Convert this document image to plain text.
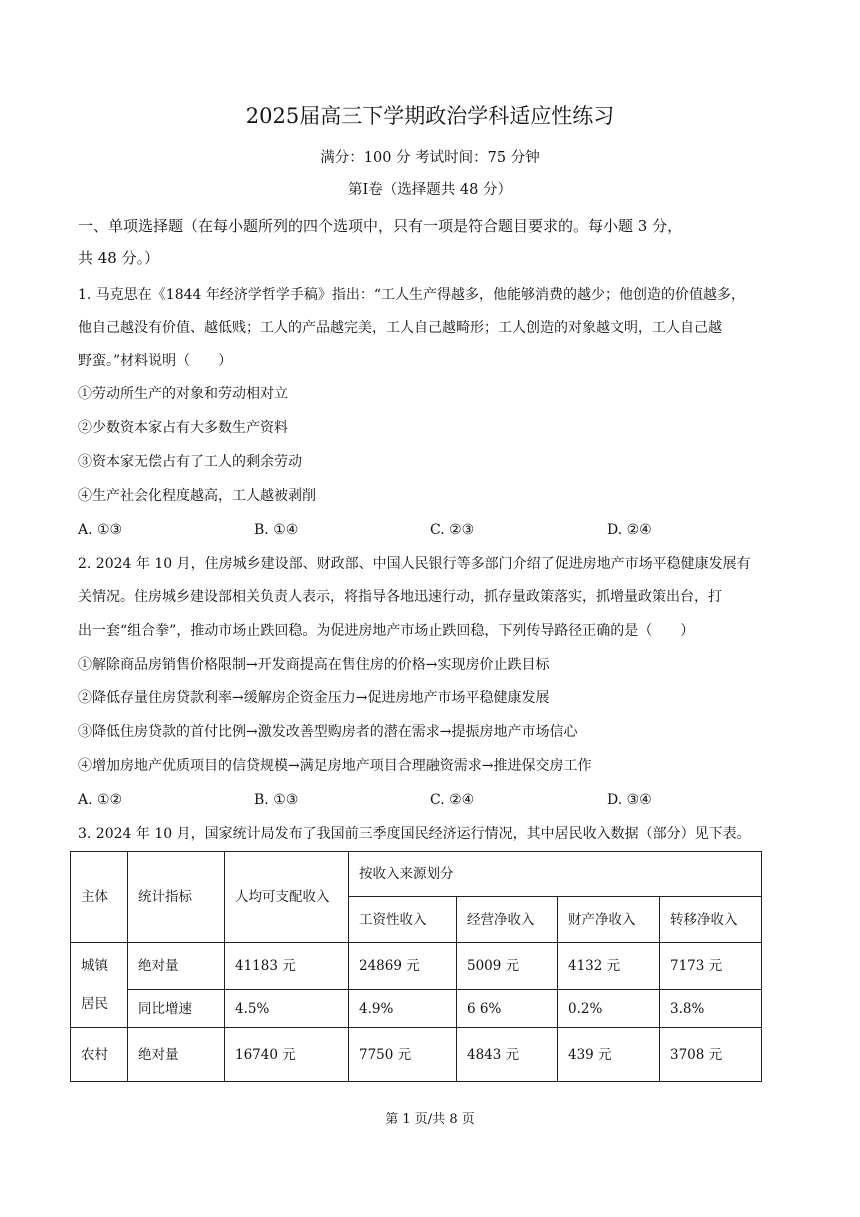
2025届高三下学期政治学科适应性练习
满分：100 分 考试时间：75 分钟
第Ⅰ卷（选择题共 48 分）
一、单项选择题（在每小题所列的四个选项中，只有一项是符合题目要求的。每小题 3 分，
共 48 分。）
1. 马克思在《1844 年经济学哲学手稿》指出：“工人生产得越多，他能够消费的越少；他创造的价值越多，
他自己越没有价值、越低贱；工人的产品越完美，工人自己越畸形；工人创造的对象越文明，工人自己越
野蛮。”材料说明（　　）
①劳动所生产的对象和劳动相对立
②少数资本家占有大多数生产资料
③资本家无偿占有了工人的剩余劳动
④生产社会化程度越高，工人越被剥削
A. ①③	B. ①④	C. ②③	D. ②④
2. 2024 年 10 月，住房城乡建设部、财政部、中国人民银行等多部门介绍了促进房地产市场平稳健康发展有
关情况。住房城乡建设部相关负责人表示，将指导各地迅速行动，抓存量政策落实，抓增量政策出台，打
出一套“组合拳”，推动市场止跌回稳。为促进房地产市场止跌回稳，下列传导路径正确的是（　　）
①解除商品房销售价格限制→开发商提高在售住房的价格→实现房价止跌目标
②降低存量住房贷款利率→缓解房企资金压力→促进房地产市场平稳健康发展
③降低住房贷款的首付比例→激发改善型购房者的潜在需求→提振房地产市场信心
④增加房地产优质项目的信贷规模→满足房地产项目合理融资需求→推进保交房工作
A. ①②	B. ①③	C. ②④	D. ③④
3. 2024 年 10 月，国家统计局发布了我国前三季度国民经济运行情况，其中居民收入数据（部分）见下表。
主体	统计指标	人均可支配收入	按收入来源划分			
			工资性收入	经营净收入	财产净收入	转移净收入

城镇
居民	绝对量	41183 元	24869 元	5009 元	4132 元	7173 元
	同比增速	4.5%	4.9%	6 6%	0.2%	3.8%
农村	绝对量	16740 元	7750 元	4843 元	439 元	3708 元
第 1 页/共 8 页
